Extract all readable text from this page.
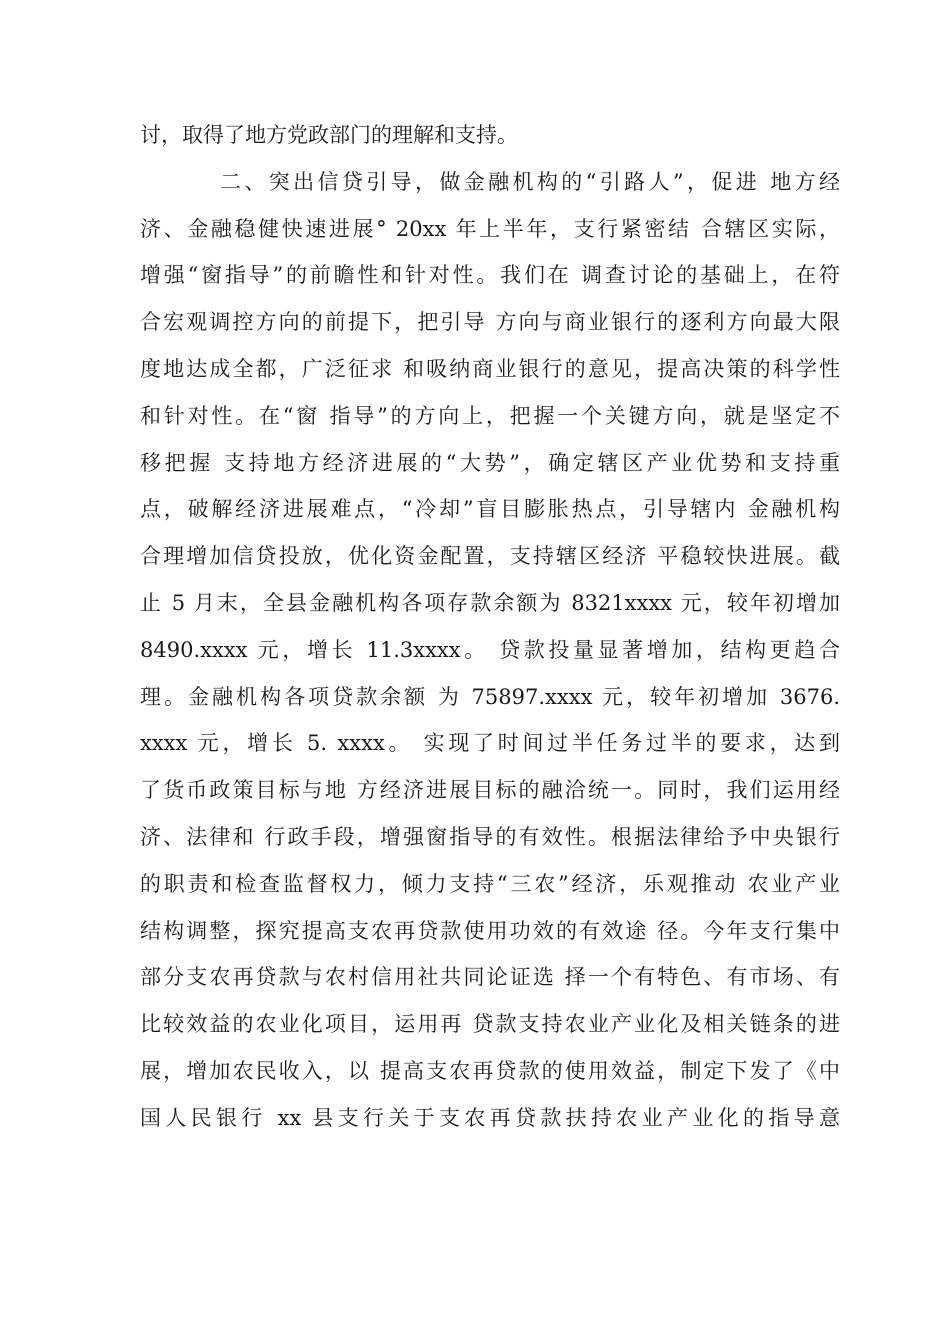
讨，取得了地方党政部门的理解和支持。
二、突出信贷引导，做金融机构的“引路人”，促进 地方经
济、金融稳健快速进展° 20xx 年上半年，支行紧密结 合辖区实际，
增强“窗指导”的前瞻性和针对性。我们在 调查讨论的基础上，在符
合宏观调控方向的前提下，把引导 方向与商业银行的逐利方向最大限
度地达成全都，广泛征求 和吸纳商业银行的意见，提高决策的科学性
和针对性。在“窗 指导”的方向上，把握一个关键方向，就是坚定不
移把握 支持地方经济进展的“大势”，确定辖区产业优势和支持重
点，破解经济进展难点，“冷却”盲目膨胀热点，引导辖内 金融机构
合理增加信贷投放，优化资金配置，支持辖区经济 平稳较快进展。截
止 5 月末，全县金融机构各项存款余额为 8321xxxx 元，较年初增加
8490.xxxx 元，增长 11.3xxxx。 贷款投量显著增加，结构更趋合
理。金融机构各项贷款余额 为 75897.xxxx 元，较年初增加 3676.
xxxx 元，增长 5. xxxx。 实现了时间过半任务过半的要求，达到
了货币政策目标与地 方经济进展目标的融洽统一。同时，我们运用经
济、法律和 行政手段，增强窗指导的有效性。根据法律给予中央银行
的职责和检查监督权力，倾力支持“三农”经济，乐观推动 农业产业
结构调整，探究提高支农再贷款使用功效的有效途 径。今年支行集中
部分支农再贷款与农村信用社共同论证选 择一个有特色、有市场、有
比较效益的农业化项目，运用再 贷款支持农业产业化及相关链条的进
展，增加农民收入，以 提高支农再贷款的使用效益，制定下发了《中
国人民银行 xx 县支行关于支农再贷款扶持农业产业化的指导意
